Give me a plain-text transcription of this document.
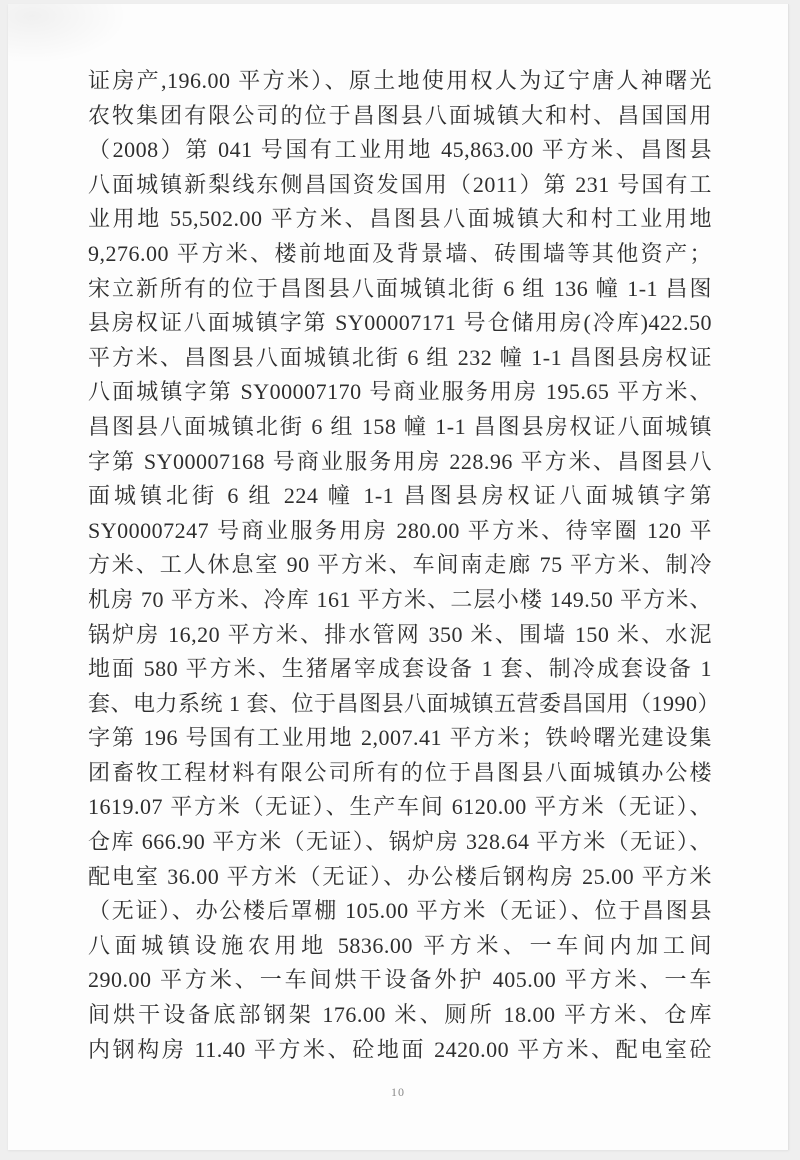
证房产,196.00 平方米）、原土地使用权人为辽宁唐人神曙光
农牧集团有限公司的位于昌图县八面城镇大和村、昌国国用
（2008）第 041 号国有工业用地 45,863.00 平方米、昌图县
八面城镇新梨线东侧昌国资发国用（2011）第 231 号国有工
业用地 55,502.00 平方米、昌图县八面城镇大和村工业用地
9,276.00 平方米、楼前地面及背景墙、砖围墙等其他资产；
宋立新所有的位于昌图县八面城镇北街 6 组 136 幢 1-1 昌图
县房权证八面城镇字第 SY00007171 号仓储用房(冷库)422.50
平方米、昌图县八面城镇北街 6 组 232 幢 1-1 昌图县房权证
八面城镇字第 SY00007170 号商业服务用房 195.65 平方米、
昌图县八面城镇北街 6 组 158 幢 1-1 昌图县房权证八面城镇
字第 SY00007168 号商业服务用房 228.96 平方米、昌图县八
面城镇北街 6 组 224 幢 1-1 昌图县房权证八面城镇字第
SY00007247 号商业服务用房 280.00 平方米、待宰圈 120 平
方米、工人休息室 90 平方米、车间南走廊 75 平方米、制冷
机房 70 平方米、冷库 161 平方米、二层小楼 149.50 平方米、
锅炉房 16,20 平方米、排水管网 350 米、围墙 150 米、水泥
地面 580 平方米、生猪屠宰成套设备 1 套、制冷成套设备 1
套、电力系统 1 套、位于昌图县八面城镇五营委昌国用（1990）
字第 196 号国有工业用地 2,007.41 平方米；铁岭曙光建设集
团畜牧工程材料有限公司所有的位于昌图县八面城镇办公楼
1619.07 平方米（无证）、生产车间 6120.00 平方米（无证）、
仓库 666.90 平方米（无证）、锅炉房 328.64 平方米（无证）、
配电室 36.00 平方米（无证）、办公楼后钢构房 25.00 平方米
（无证）、办公楼后罩棚 105.00 平方米（无证）、位于昌图县
八面城镇设施农用地 5836.00 平方米、一车间内加工间
290.00 平方米、一车间烘干设备外护 405.00 平方米、一车
间烘干设备底部钢架 176.00 米、厕所 18.00 平方米、仓库
内钢构房 11.40 平方米、砼地面 2420.00 平方米、配电室砼
10
